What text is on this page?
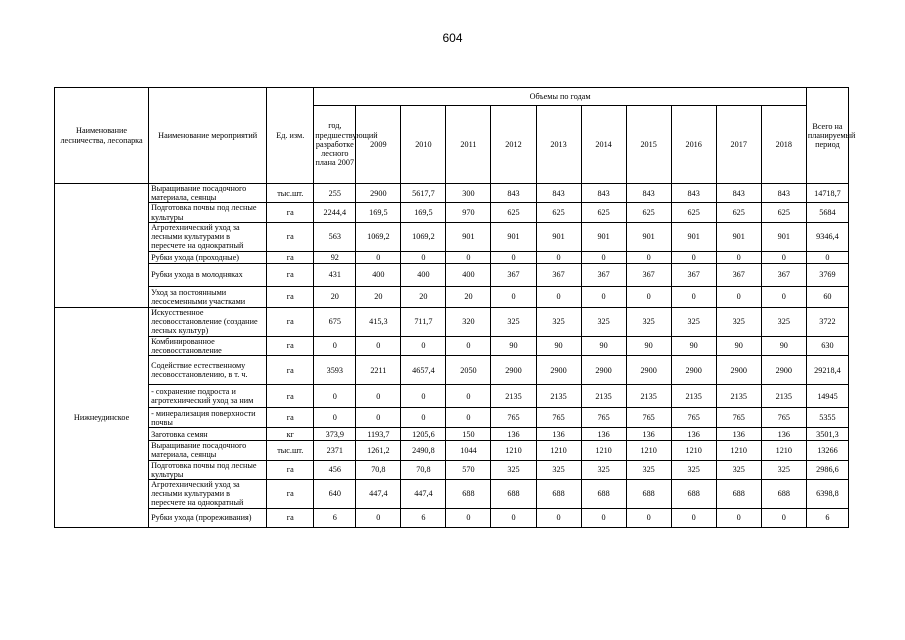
604
Наименование лесничества, лесопарка	Наименование мероприятий	Ед. изм.	Объемы по годам											Всего на планируемый период
			год, предшествующий разработке лесного плана 2007	2009	2010	2011	2012	2013	2014	2015	2016	2017	2018	
	Выращивание посадочного материала, сеянцы	тыс.шт.	255	2900	5617,7	300	843	843	843	843	843	843	843	14718,7
	Подготовка почвы под лесные культуры	га	2244,4	169,5	169,5	970	625	625	625	625	625	625	625	5684
	Агротехнический уход за лесными культурами в пересчете на однократный	га	563	1069,2	1069,2	901	901	901	901	901	901	901	901	9346,4
	Рубки ухода (проходные)	га	92	0	0	0	0	0	0	0	0	0	0	0
	Рубки ухода в молодняках	га	431	400	400	400	367	367	367	367	367	367	367	3769
	Уход за постоянными лесосеменными участками	га	20	20	20	20	0	0	0	0	0	0	0	60
Нижнеудинское	Искусственное лесовосстановление (создание лесных культур)	га	675	415,3	711,7	320	325	325	325	325	325	325	325	3722
	Комбинированное лесовосстановление	га	0	0	0	0	90	90	90	90	90	90	90	630
	Содействие естественному лесовосстановлению, в т. ч.	га	3593	2211	4657,4	2050	2900	2900	2900	2900	2900	2900	2900	29218,4
	- сохранение подроста и агротехнический уход за ним	га	0	0	0	0	2135	2135	2135	2135	2135	2135	2135	14945
	- минерализация поверхности почвы	га	0	0	0	0	765	765	765	765	765	765	765	5355
	Заготовка семян	кг	373,9	1193,7	1205,6	150	136	136	136	136	136	136	136	3501,3
	Выращивание посадочного материала, сеянцы	тыс.шт.	2371	1261,2	2490,8	1044	1210	1210	1210	1210	1210	1210	1210	13266
	Подготовка почвы под лесные культуры	га	456	70,8	70,8	570	325	325	325	325	325	325	325	2986,6
	Агротехнический уход за лесными культурами в пересчете на однократный	га	640	447,4	447,4	688	688	688	688	688	688	688	688	6398,8
	Рубки ухода (прореживания)	га	6	0	6	0	0	0	0	0	0	0	0	6
